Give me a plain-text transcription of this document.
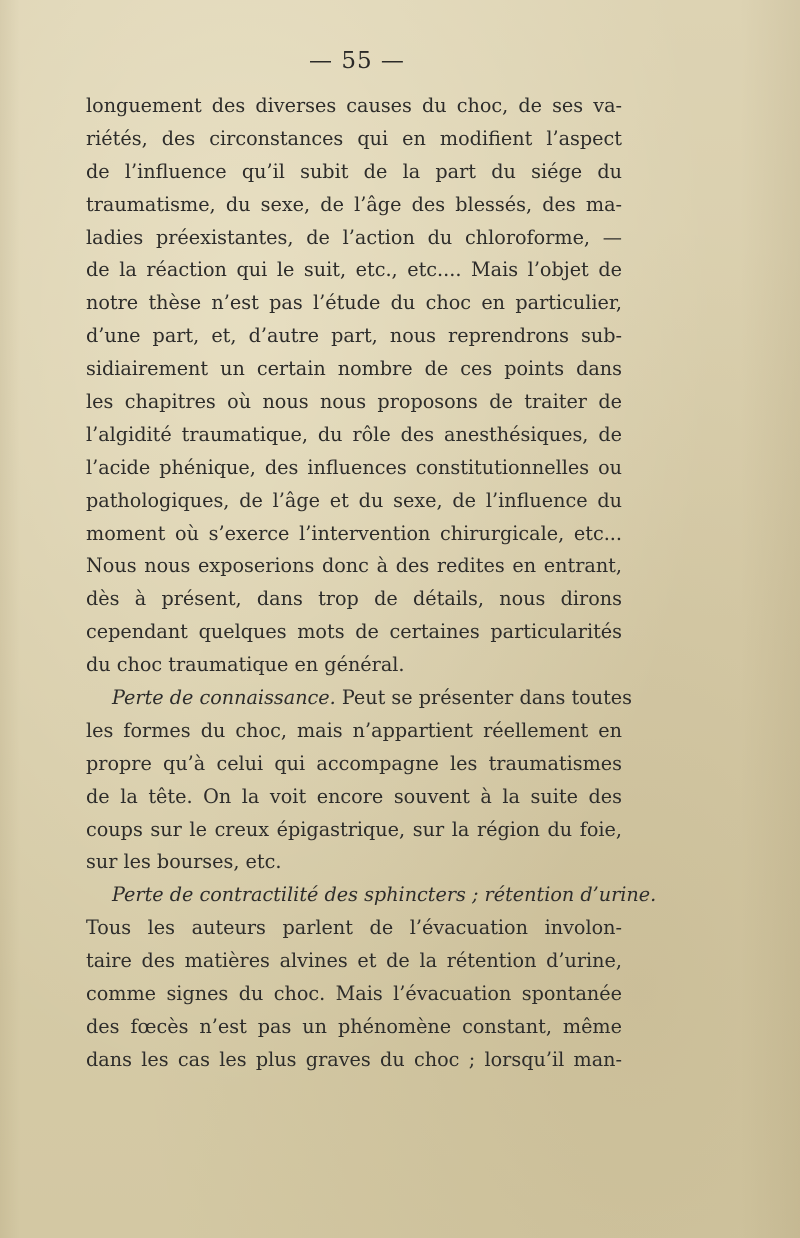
— 55 —
longuement des diverses causes du choc, de ses va-
riétés, des circonstances qui en modifient l’aspect
de l’influence qu’il subit de la part du siége du
traumatisme, du sexe, de l’âge des blessés, des ma-
ladies préexistantes, de l’action du chloroforme, —
de la réaction qui le suit, etc., etc.... Mais l’objet de
notre thèse n’est pas l’étude du choc en particulier,
d’une part, et, d’autre part, nous reprendrons sub-
sidiairement un certain nombre de ces points dans
les chapitres où nous nous proposons de traiter de
l’algidité traumatique, du rôle des anesthésiques, de
l’acide phénique, des influences constitutionnelles ou
pathologiques, de l’âge et du sexe, de l’influence du
moment où s’exerce l’intervention chirurgicale, etc...
Nous nous exposerions donc à des redites en entrant,
dès à présent, dans trop de détails, nous dirons
cependant quelques mots de certaines particularités
du choc traumatique en général.
Perte de connaissance. Peut se présenter dans toutes
les formes du choc, mais n’appartient réellement en
propre qu’à celui qui accompagne les traumatismes
de la tête. On la voit encore souvent à la suite des
coups sur le creux épigastrique, sur la région du foie,
sur les bourses, etc.
Perte de contractilité des sphincters ; rétention d’urine.
Tous les auteurs parlent de l’évacuation involon-
taire des matières alvines et de la rétention d’urine,
comme signes du choc. Mais l’évacuation spontanée
des fœcès n’est pas un phénomène constant, même
dans les cas les plus graves du choc ; lorsqu’il man-
